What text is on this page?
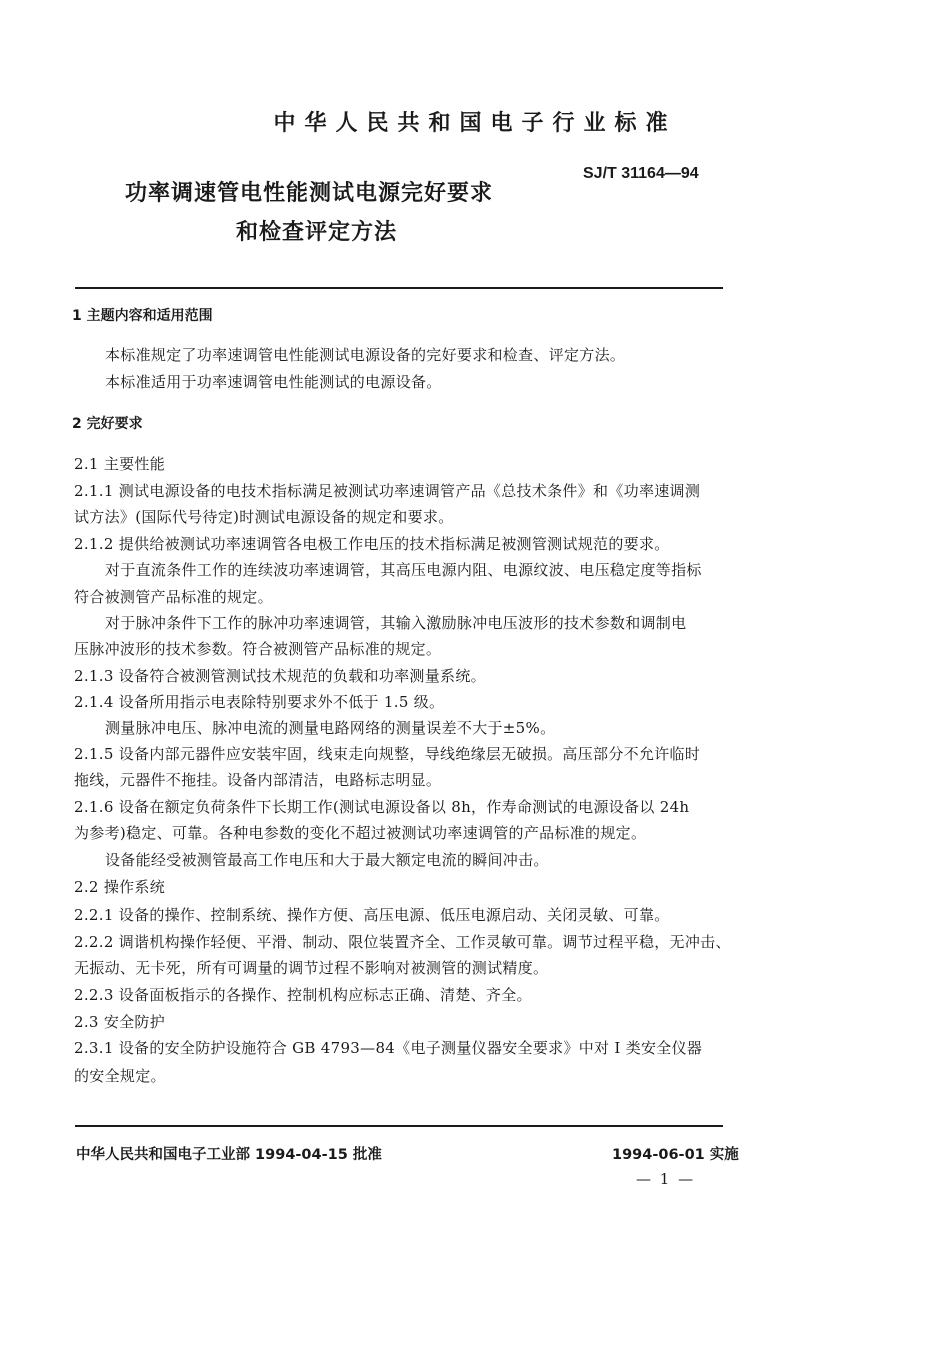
中华人民共和国电子行业标准
SJ/T 31164—94
功率调速管电性能测试电源完好要求
和检查评定方法
1 主题内容和适用范围
本标准规定了功率速调管电性能测试电源设备的完好要求和检查、评定方法。
本标准适用于功率速调管电性能测试的电源设备。
2 完好要求
2.1 主要性能
2.1.1 测试电源设备的电技术指标满足被测试功率速调管产品《总技术条件》和《功率速调测
试方法》(国际代号待定)时测试电源设备的规定和要求。
2.1.2 提供给被测试功率速调管各电极工作电压的技术指标满足被测管测试规范的要求。
对于直流条件工作的连续波功率速调管，其高压电源内阻、电源纹波、电压稳定度等指标
符合被测管产品标准的规定。
对于脉冲条件下工作的脉冲功率速调管，其输入激励脉冲电压波形的技术参数和调制电
压脉冲波形的技术参数。符合被测管产品标准的规定。
2.1.3 设备符合被测管测试技术规范的负载和功率测量系统。
2.1.4 设备所用指示电表除特别要求外不低于 1.5 级。
测量脉冲电压、脉冲电流的测量电路网络的测量误差不大于±5%。
2.1.5 设备内部元器件应安装牢固，线束走向规整，导线绝缘层无破损。高压部分不允许临时
拖线，元器件不拖挂。设备内部清洁，电路标志明显。
2.1.6 设备在额定负荷条件下长期工作(测试电源设备以 8h，作寿命测试的电源设备以 24h
为参考)稳定、可靠。各种电参数的变化不超过被测试功率速调管的产品标准的规定。
设备能经受被测管最高工作电压和大于最大额定电流的瞬间冲击。
2.2 操作系统
2.2.1 设备的操作、控制系统、操作方便、高压电源、低压电源启动、关闭灵敏、可靠。
2.2.2 调谐机构操作轻便、平滑、制动、限位装置齐全、工作灵敏可靠。调节过程平稳，无冲击、
无振动、无卡死，所有可调量的调节过程不影响对被测管的测试精度。
2.2.3 设备面板指示的各操作、控制机构应标志正确、清楚、齐全。
2.3 安全防护
2.3.1 设备的安全防护设施符合 GB 4793—84《电子测量仪器安全要求》中对 I 类安全仪器
的安全规定。
中华人民共和国电子工业部 1994-04-15 批准	1994-06-01 实施
— 1 —
